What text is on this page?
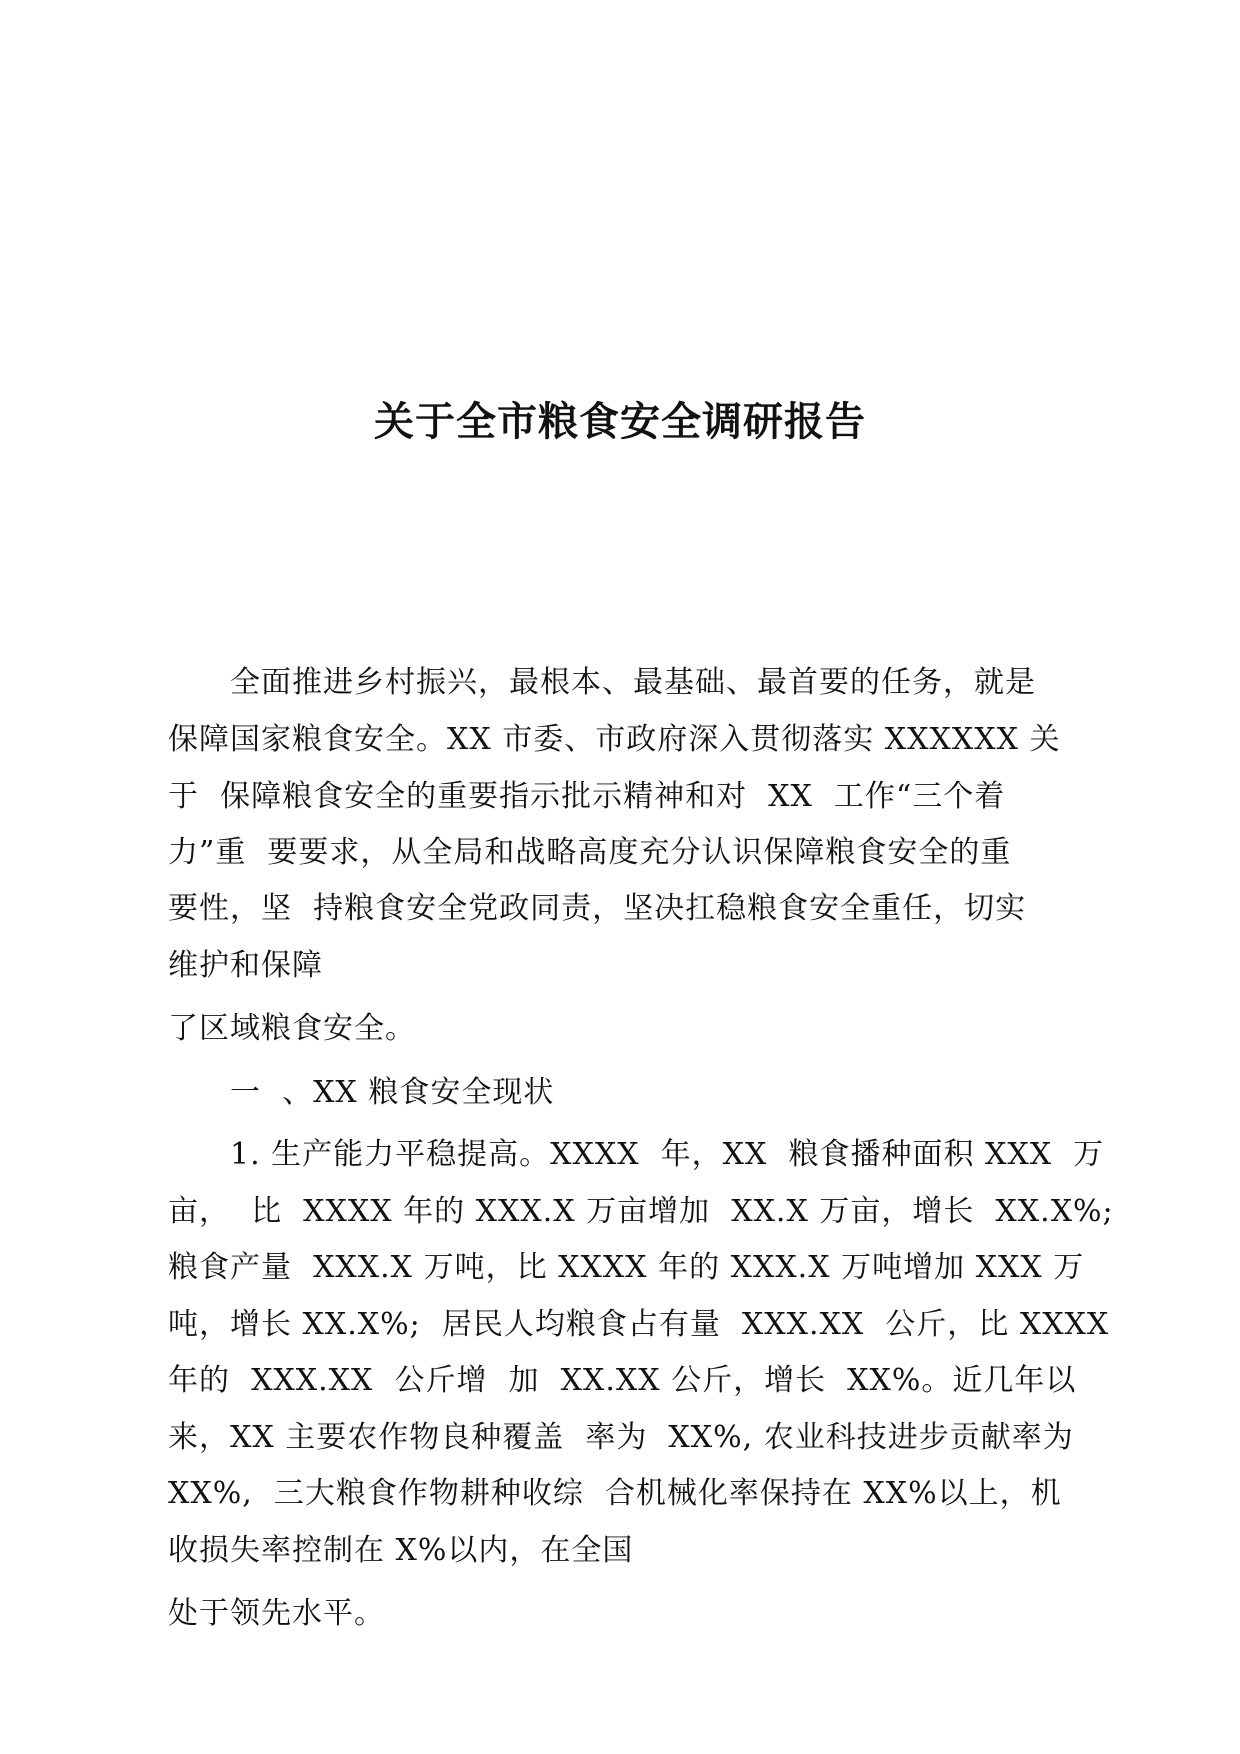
关于全市粮食安全调研报告
全面推进乡村振兴，最根本、最基础、最首要的任务，就是
保障国家粮食安全。XX 市委、市政府深入贯彻落实 XXXXXX 关
于  保障粮食安全的重要指示批示精神和对  XX  工作“三个着
力”重  要要求，从全局和战略高度充分认识保障粮食安全的重
要性，坚  持粮食安全党政同责，坚决扛稳粮食安全重任，切实
维护和保障
了区域粮食安全。
一  、XX 粮食安全现状
1. 生产能力平稳提高。XXXX  年，XX  粮食播种面积 XXX  万
亩，  比  XXXX 年的 XXX.X 万亩增加  XX.X 万亩，增长  XX.X%;
粮食产量  XXX.X 万吨，比 XXXX 年的 XXX.X 万吨增加 XXX 万
吨，增长 XX.X%;  居民人均粮食占有量  XXX.XX  公斤，比 XXXX
年的  XXX.XX  公斤增  加  XX.XX 公斤，增长  XX%。近几年以
来，XX 主要农作物良种覆盖  率为  XX%, 农业科技进步贡献率为
XX%,  三大粮食作物耕种收综  合机械化率保持在 XX%以上，机
收损失率控制在 X%以内，在全国
处于领先水平。
